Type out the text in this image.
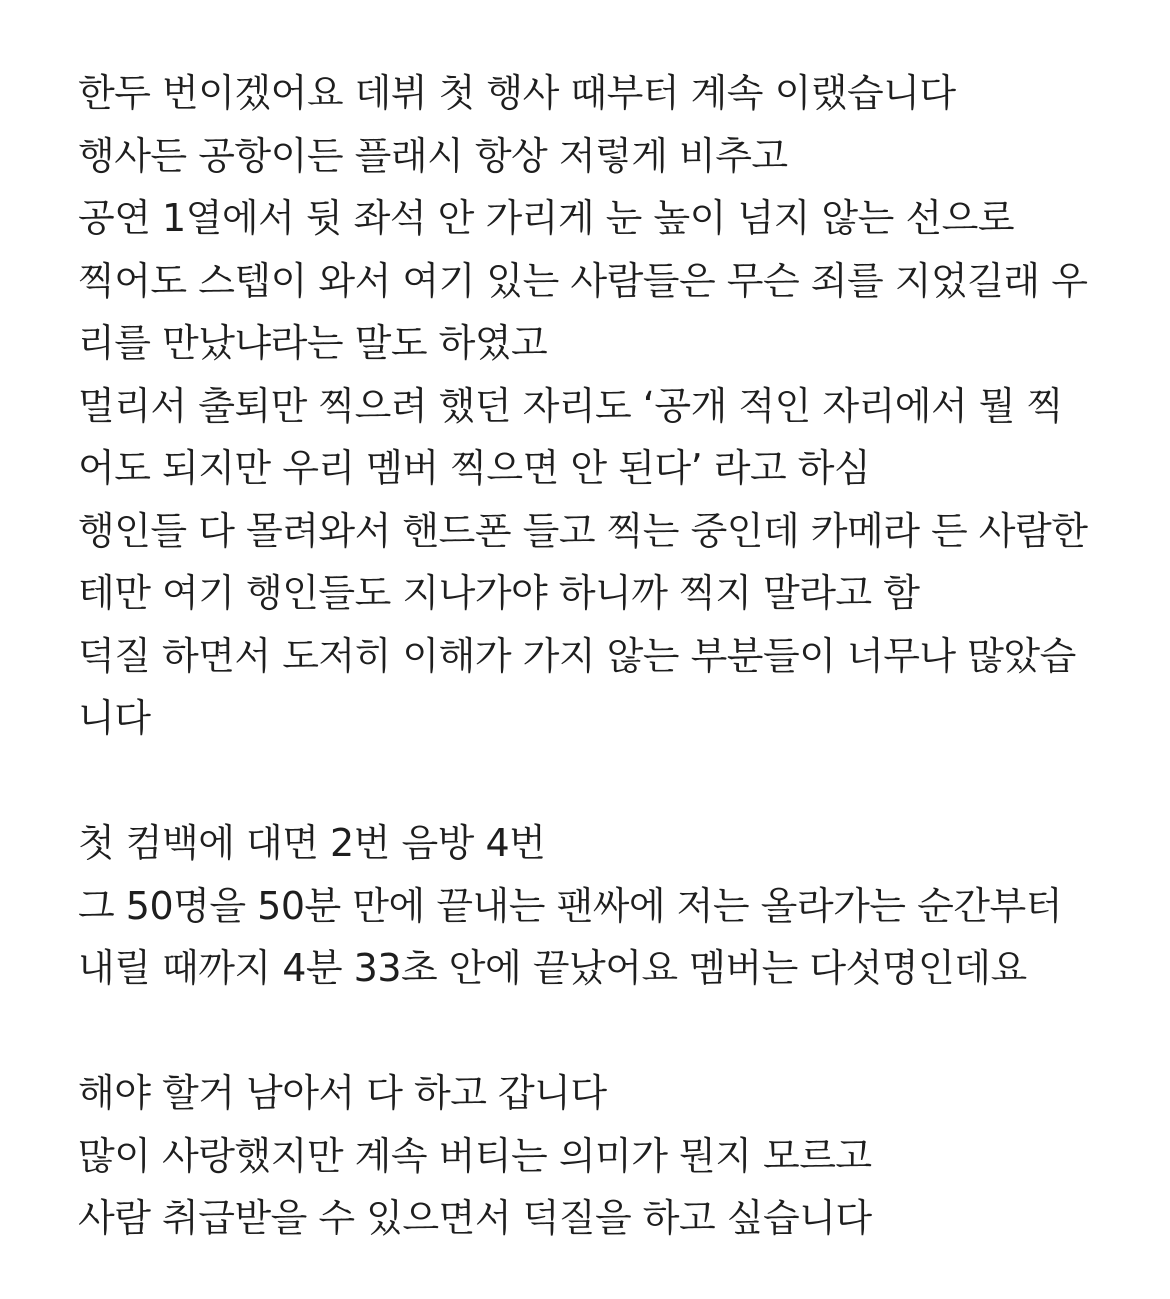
한두 번이겠어요 데뷔 첫 행사 때부터 계속 이랬습니다
행사든 공항이든 플래시 항상 저렇게 비추고
공연 1열에서 뒷 좌석 안 가리게 눈 높이 넘지 않는 선으로
찍어도 스텝이 와서 여기 있는 사람들은 무슨 죄를 지었길래 우
리를 만났냐라는 말도 하였고
멀리서 출퇴만 찍으려 했던 자리도 ‘공개 적인 자리에서 뭘 찍
어도 되지만 우리 멤버 찍으면 안 된다’ 라고 하심
행인들 다 몰려와서 핸드폰 들고 찍는 중인데 카메라 든 사람한
테만 여기 행인들도 지나가야 하니까 찍지 말라고 함
덕질 하면서 도저히 이해가 가지 않는 부분들이 너무나 많았습
니다
첫 컴백에 대면 2번 음방 4번
그 50명을 50분 만에 끝내는 팬싸에 저는 올라가는 순간부터
내릴 때까지 4분 33초 안에 끝났어요 멤버는 다섯명인데요
해야 할거 남아서 다 하고 갑니다
많이 사랑했지만 계속 버티는 의미가 뭔지 모르고
사람 취급받을 수 있으면서 덕질을 하고 싶습니다
